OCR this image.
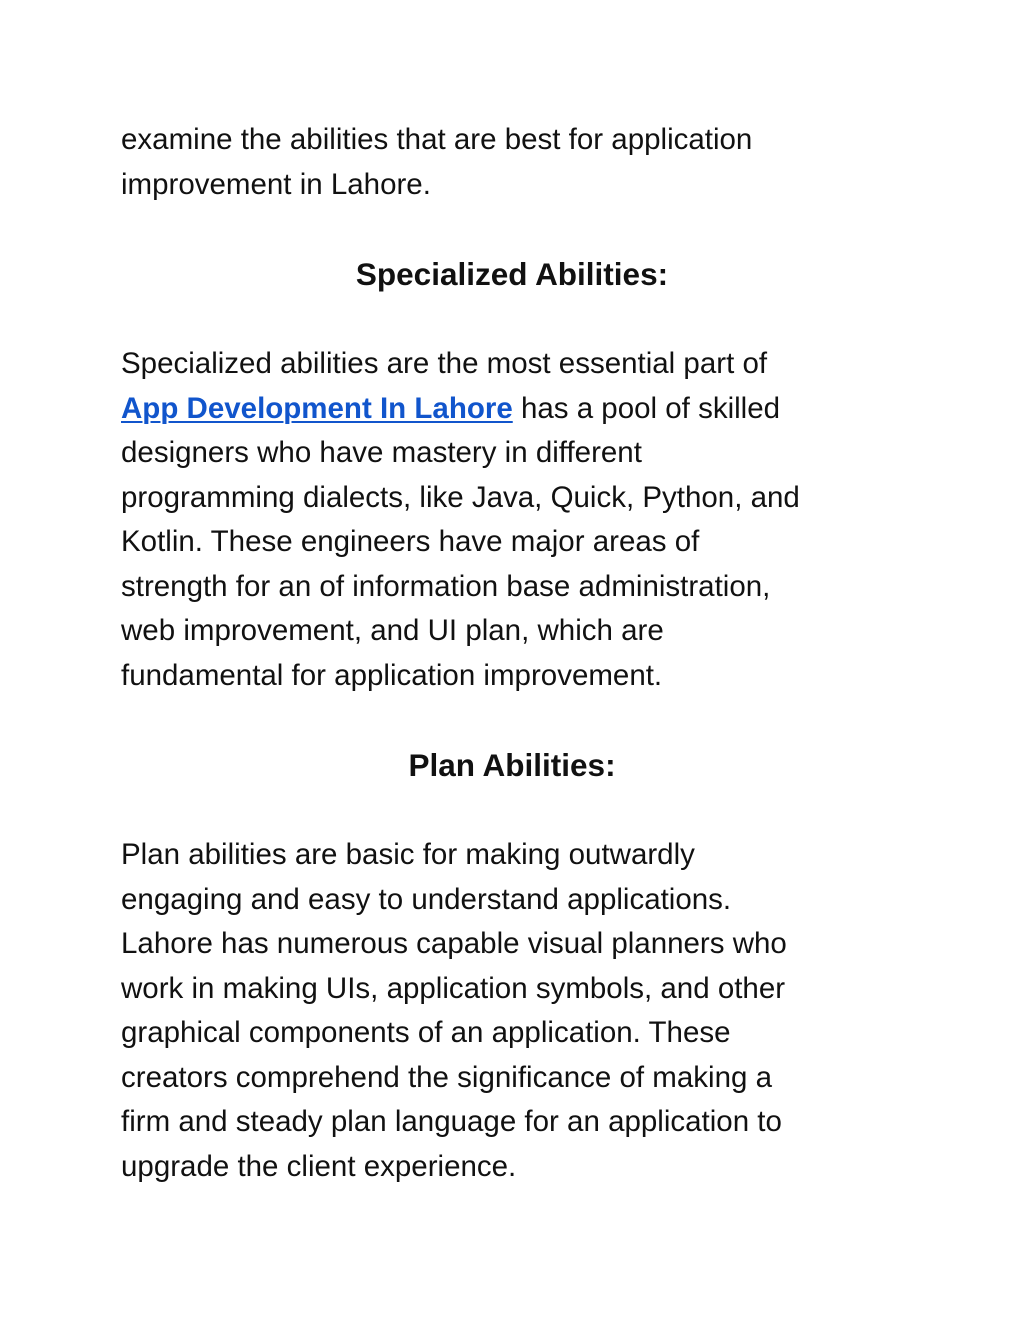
examine the abilities that are best for application
improvement in Lahore.

Specialized Abilities:

Specialized abilities are the most essential part of
App Development In Lahore has a pool of skilled
designers who have mastery in different
programming dialects, like Java, Quick, Python, and
Kotlin. These engineers have major areas of
strength for an of information base administration,
web improvement, and UI plan, which are
fundamental for application improvement.

Plan Abilities:

Plan abilities are basic for making outwardly
engaging and easy to understand applications.
Lahore has numerous capable visual planners who
work in making UIs, application symbols, and other
graphical components of an application. These
creators comprehend the significance of making a
firm and steady plan language for an application to
upgrade the client experience.
